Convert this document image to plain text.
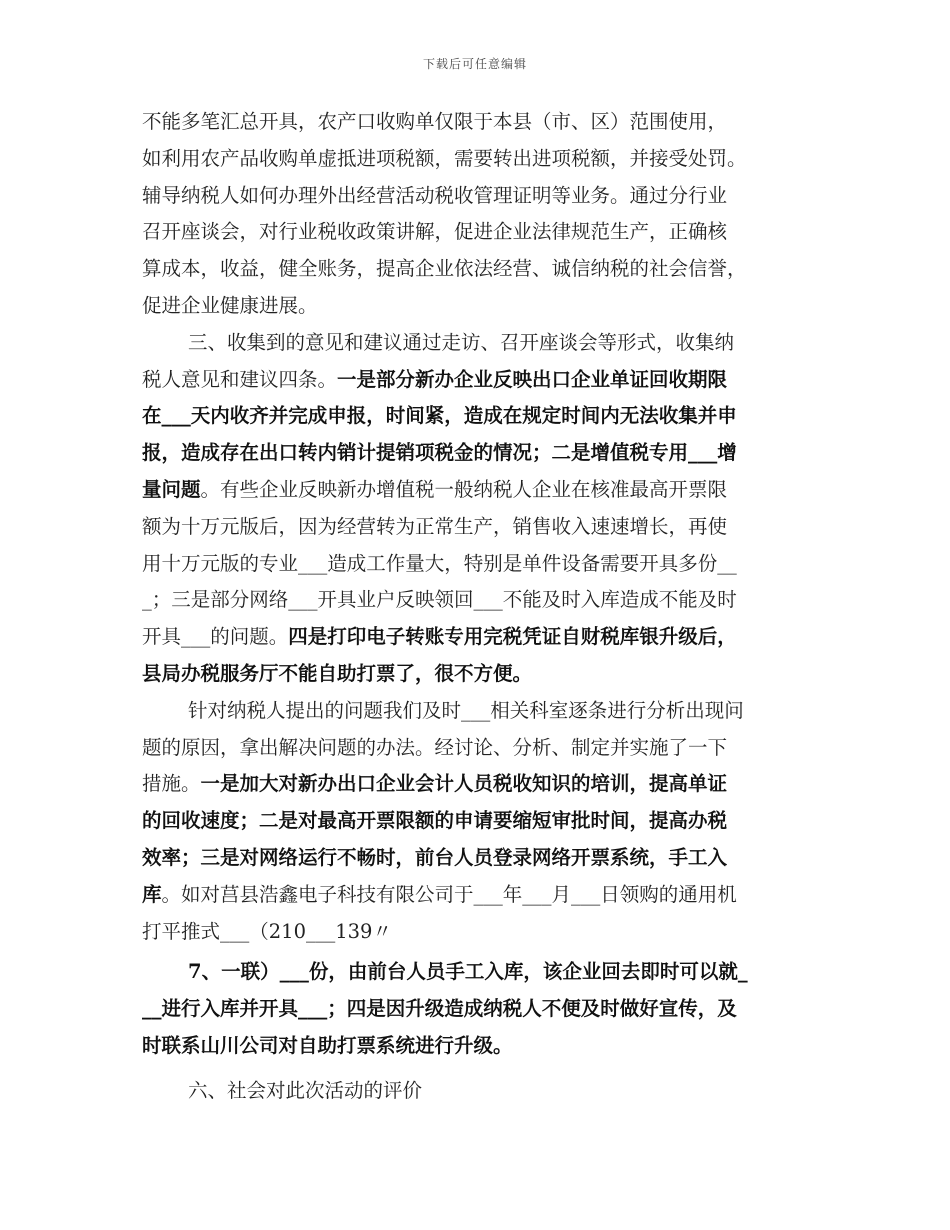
下载后可任意编辑
不能多笔汇总开具，农产口收购单仅限于本县（市、区）范围使用，
如利用农产品收购单虚抵进项税额，需要转出进项税额，并接受处罚。
辅导纳税人如何办理外出经营活动税收管理证明等业务。通过分行业
召开座谈会，对行业税收政策讲解，促进企业法律规范生产，正确核
算成本，收益，健全账务，提高企业依法经营、诚信纳税的社会信誉，
促进企业健康进展。
三、收集到的意见和建议通过走访、召开座谈会等形式，收集纳
税人意见和建议四条。一是部分新办企业反映出口企业单证回收期限
在___天内收齐并完成申报，时间紧，造成在规定时间内无法收集并申
报，造成存在出口转内销计提销项税金的情况；二是增值税专用___增
量问题。有些企业反映新办增值税一般纳税人企业在核准最高开票限
额为十万元版后，因为经营转为正常生产，销售收入速速增长，再使
用十万元版的专业___造成工作量大，特别是单件设备需要开具多份__
_；三是部分网络___开具业户反映领回___不能及时入库造成不能及时
开具___的问题。四是打印电子转账专用完税凭证自财税库银升级后，
县局办税服务厅不能自助打票了，很不方便。
针对纳税人提出的问题我们及时___相关科室逐条进行分析出现问
题的原因，拿出解决问题的办法。经讨论、分析、制定并实施了一下
措施。一是加大对新办出口企业会计人员税收知识的培训，提高单证
的回收速度；二是对最高开票限额的申请要缩短审批时间，提高办税
效率；三是对网络运行不畅时，前台人员登录网络开票系统，手工入
库。如对莒县浩鑫电子科技有限公司于___年___月___日领购的通用机
打平推式___（210___139〃
7、一联）___份，由前台人员手工入库，该企业回去即时可以就_
__进行入库并开具___；四是因升级造成纳税人不便及时做好宣传，及
时联系山川公司对自助打票系统进行升级。
六、社会对此次活动的评价
